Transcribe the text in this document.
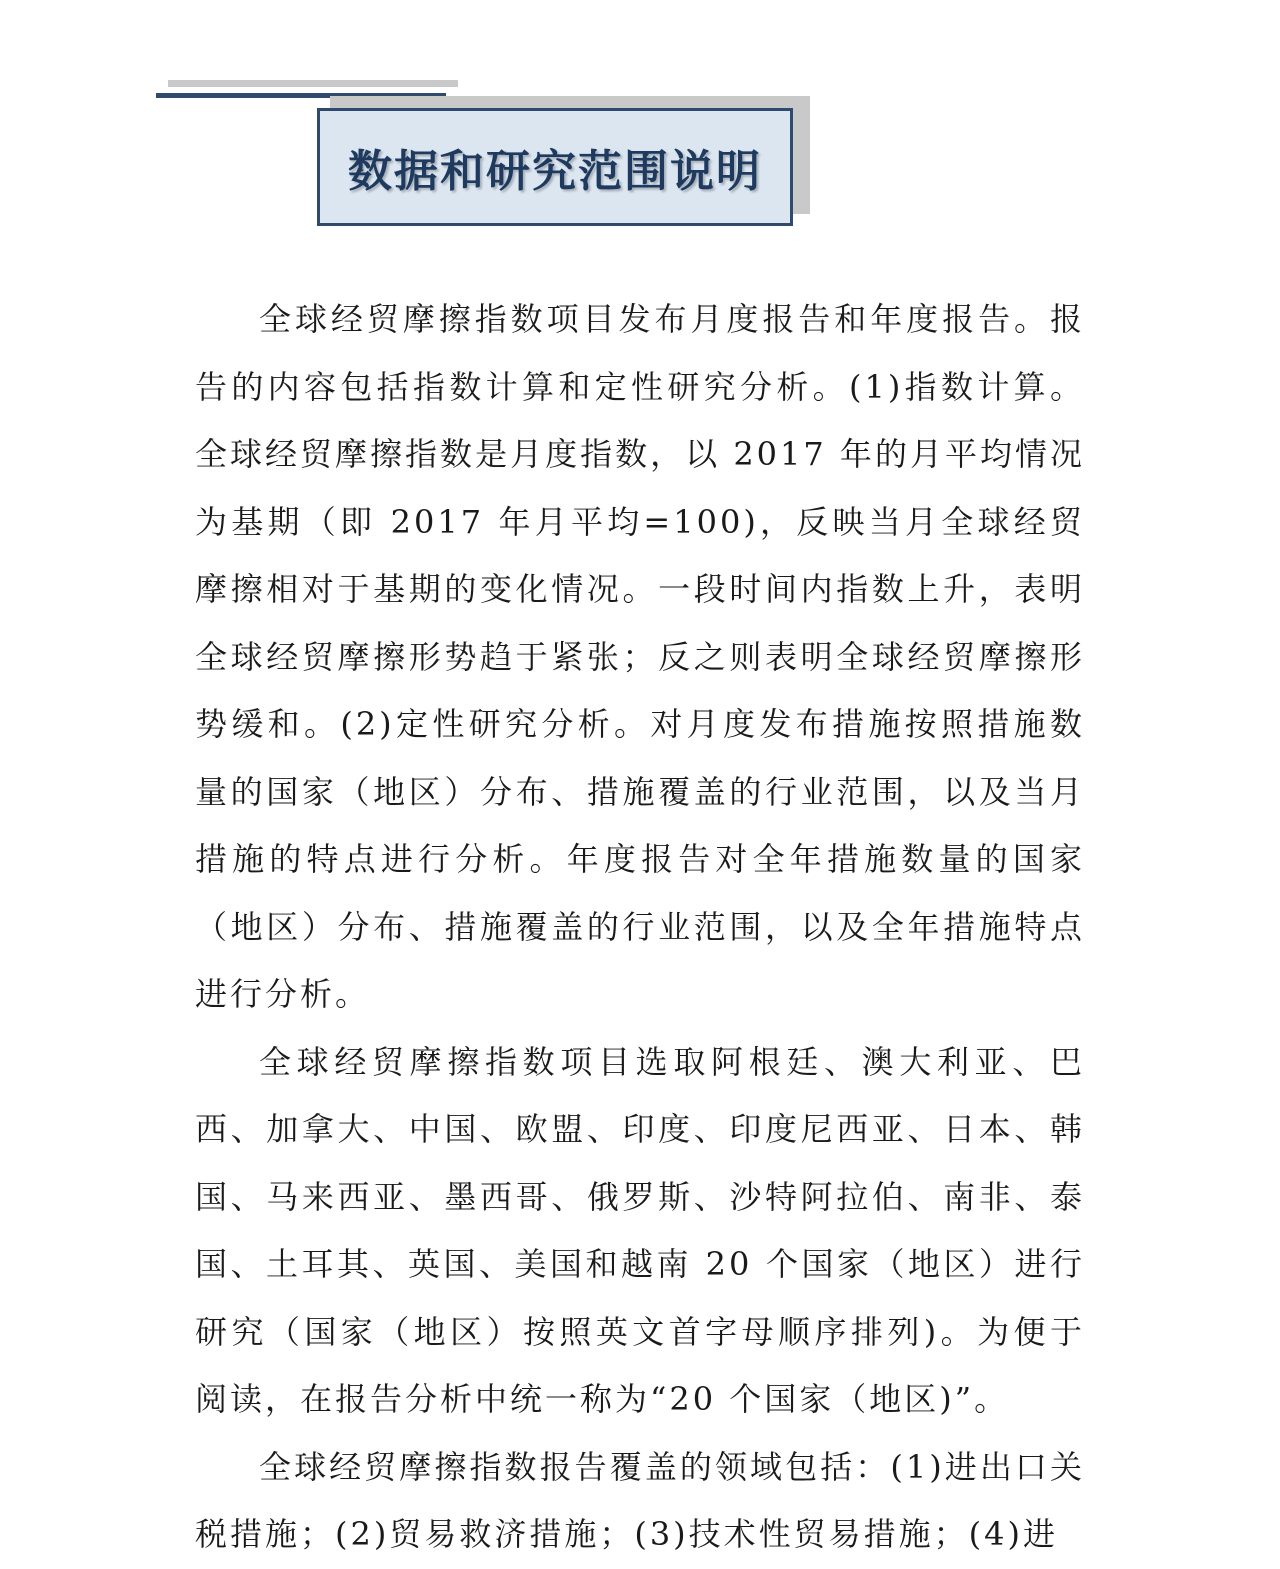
数据和研究范围说明

全球经贸摩擦指数项目发布月度报告和年度报告。报告的内容包括指数计算和定性研究分析。(1)指数计算。全球经贸摩擦指数是月度指数，以 2017 年的月平均情况为基期（即 2017 年月平均=100)，反映当月全球经贸摩擦相对于基期的变化情况。一段时间内指数上升，表明全球经贸摩擦形势趋于紧张；反之则表明全球经贸摩擦形势缓和。(2)定性研究分析。对月度发布措施按照措施数量的国家（地区）分布、措施覆盖的行业范围，以及当月措施的特点进行分析。年度报告对全年措施数量的国家（地区）分布、措施覆盖的行业范围，以及全年措施特点进行分析。

全球经贸摩擦指数项目选取阿根廷、澳大利亚、巴西、加拿大、中国、欧盟、印度、印度尼西亚、日本、韩国、马来西亚、墨西哥、俄罗斯、沙特阿拉伯、南非、泰国、土耳其、英国、美国和越南 20 个国家（地区）进行研究（国家（地区）按照英文首字母顺序排列)。为便于阅读，在报告分析中统一称为“20 个国家（地区)”。

全球经贸摩擦指数报告覆盖的领域包括：(1)进出口关税措施；(2)贸易救济措施；(3)技术性贸易措施；(4)进
